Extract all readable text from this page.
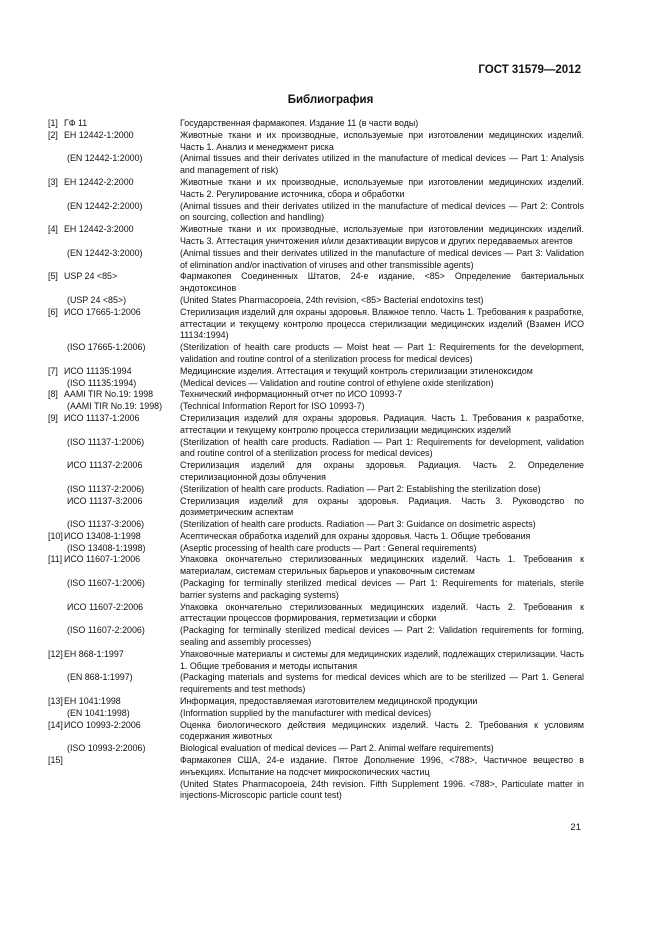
ГОСТ 31579—2012
Библиография
[1] ГФ 11	Государственная фармакопея. Издание 11 (в части воды)
[2] ЕН 12442-1:2000	Животные ткани и их производные, используемые при изготовлении медицинских изделий. Часть 1. Анализ и менеджмент риска
(EN 12442-1:2000)	(Animal tissues and their derivates utilized in the manufacture of medical devices — Part 1: Analysis and management of risk)
[3] ЕН 12442-2:2000	Животные ткани и их производные, используемые при изготовлении медицинских изделий. Часть 2. Регулирование источника, сбора и обработки
(EN 12442-2:2000)	(Animal tissues and their derivates utilized in the manufacture of medical devices — Part 2: Controls on sourcing, collection and handling)
[4] ЕН 12442-3:2000	Животные ткани и их производные, используемые при изготовлении медицинских изделий. Часть 3. Аттестация уничтожения и/или дезактивации вирусов и других передаваемых агентов
(EN 12442-3:2000)	(Animal tissues and their derivates utilized in the manufacture of medical devices — Part 3: Validation of elimination and/or inactivation of viruses and other transmissible agents)
[5] USP 24 <85>	Фармакопея Соединенных Штатов, 24-е издание, <85> Определение бактериальных эндотоксинов
(USP 24 <85>)	(United States Pharmacopoeia, 24th revision, <85> Bacterial endotoxins test)
[6] ИСО 17665-1:2006	Стерилизация изделий для охраны здоровья. Влажное тепло. Часть 1. Требования к разработке, аттестации и текущему контролю процесса стерилизации медицинских изделий (Взамен ИСО 11134:1994)
(ISO 17665-1:2006)	(Sterilization of health care products — Moist heat — Part 1: Requirements for the development, validation and routine control of a sterilization process for medical devices)
[7] ИСО 11135:1994	Медицинские изделия. Аттестация и текущий контроль стерилизации этиленоксидом
(ISO 11135:1994)	(Medical devices — Validation and routine control of ethylene oxide sterilization)
[8] AAMI TIR No.19: 1998	Технический информационный отчет по ИСО 10993-7
(AAMI TIR No.19: 1998)	(Technical Information Report for ISO 10993-7)
[9] ИСО 11137-1:2006	Стерилизация изделий для охраны здоровья. Радиация. Часть 1. Требования к разработке, аттестации и текущему контролю процесса стерилизации медицинских изделий
(ISO 11137-1:2006)	(Sterilization of health care products. Radiation — Part 1: Requirements for development, validation and routine control of a sterilization process for medical devices)
ИСО 11137-2:2006	Стерилизация изделий для охраны здоровья. Радиация. Часть 2. Определение стерилизационной дозы облучения
(ISO 11137-2:2006)	(Sterilization of health care products. Radiation — Part 2: Establishing the sterilization dose)
ИСО 11137-3:2006	Стерилизация изделий для охраны здоровья. Радиация. Часть 3. Руководство по дозиметрическим аспектам
(ISO 11137-3:2006)	(Sterilization of health care products. Radiation — Part 3: Guidance on dosimetric aspects)
[10] ИСО 13408-1:1998	Асептическая обработка изделий для охраны здоровья. Часть 1. Общие требования
(ISO 13408-1:1998)	(Aseptic processing of health care products — Part : General requirements)
[11] ИСО 11607-1:2006	Упаковка окончательно стерилизованных медицинских изделий. Часть 1. Требования к материалам, системам стерильных барьеров и упаковочным системам
(ISO 11607-1:2006)	(Packaging for terminally sterilized medical devices — Part 1: Requirements for materials, sterile barrier systems and packaging systems)
ИСО 11607-2:2006	Упаковка окончательно стерилизованных медицинских изделий. Часть 2. Требования к аттестации процессов формирования, герметизации и сборки
(ISO 11607-2:2006)	(Packaging for terminally sterilized medical devices — Part 2: Validation requirements for forming, sealing and assembly processes)
[12] ЕН 868-1:1997	Упаковочные материалы и системы для медицинских изделий, подлежащих стерилизации. Часть 1. Общие требования и методы испытания
(EN 868-1:1997)	(Packaging materials and systems for medical devices which are to be sterilized — Part 1. General requirements and test methods)
[13] ЕН 1041:1998	Информация, предоставляемая изготовителем медицинской продукции
(EN 1041:1998)	(Information supplied by the manufacturer with medical devices)
[14] ИСО 10993-2:2006	Оценка биологического действия медицинских изделий. Часть 2. Требования к условиям содержания животных
(ISO 10993-2:2006)	Biological evaluation of medical devices — Part 2. Animal welfare requirements)
[15]	Фармакопея США, 24-е издание. Пятое Дополнение 1996, <788>, Частичное вещество в инъекциях. Испытание на подсчет микроскопических частиц
(United States Pharmacopoeia, 24th revision. Fifth Supplement 1996. <788>, Particulate matter in injections-Microscopic particle count test)
21
